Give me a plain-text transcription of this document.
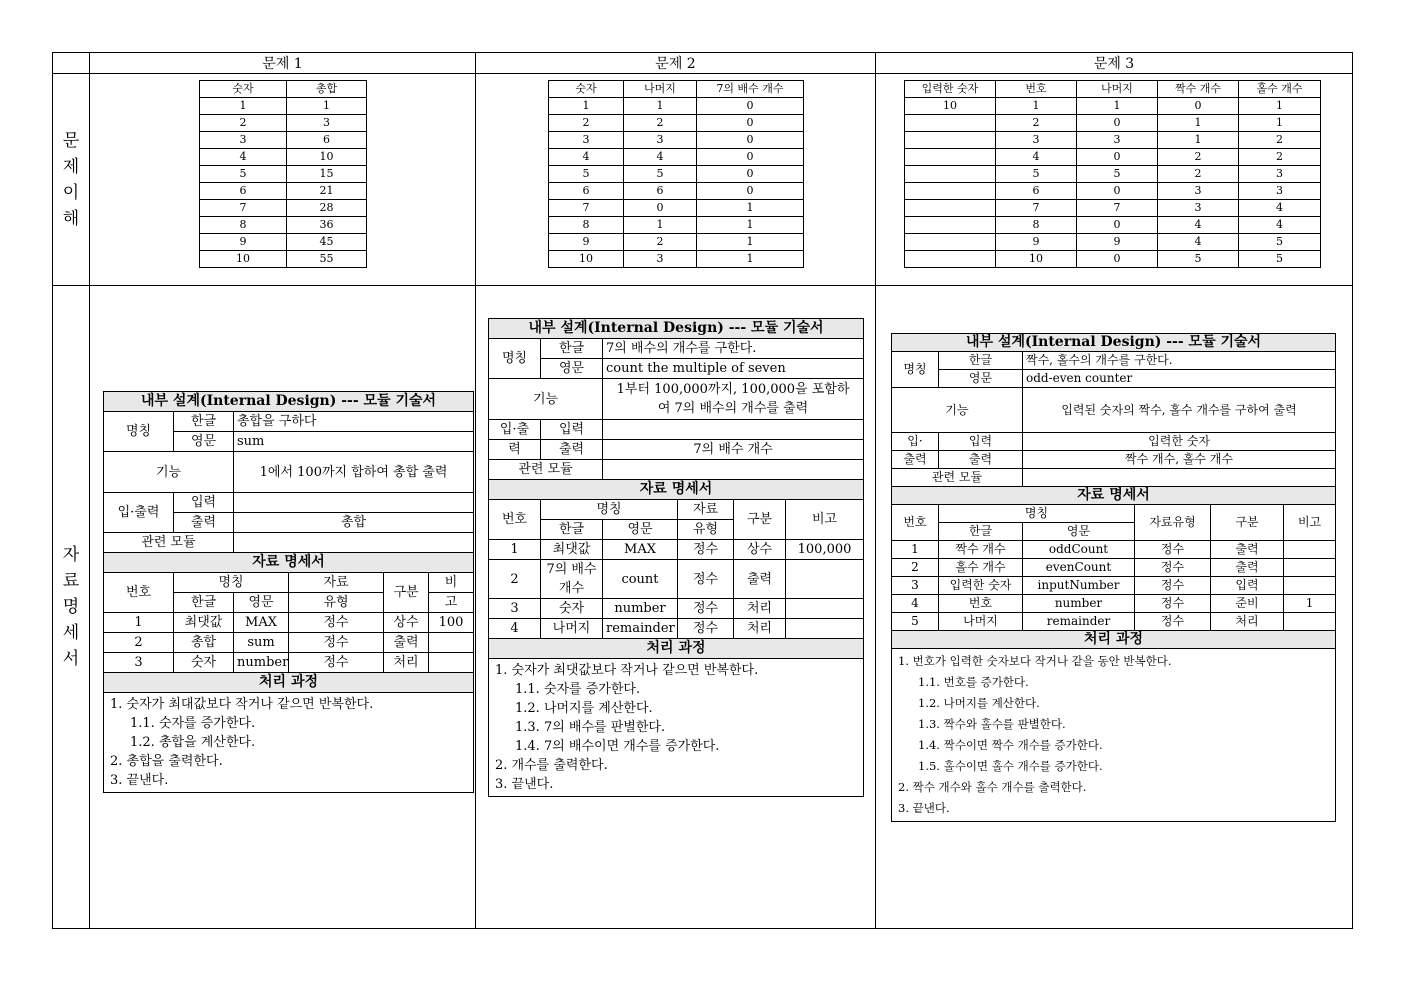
	문제 1	문제 2	문제 3

문
제
이
해

숫자	총합
1	1
2	3
3	6
4	10
5	15
6	21
7	28
8	36
9	45
10	55

숫자	나머지	7의 배수 개수
1	1	0
2	2	0
3	3	0
4	4	0
5	5	0
6	6	0
7	0	1
8	1	1
9	2	1
10	3	1

입력한 숫자	번호	나머지	짝수 개수	홀수 개수
10	1	1	0	1
	2	0	1	1
	3	3	1	2
	4	0	2	2
	5	5	2	3
	6	0	3	3
	7	7	3	4
	8	0	4	4
	9	9	4	5
	10	0	5	5

자
료
명
세
서

내부 설계(Internal Design) --- 모듈 기술서
명칭	한글	총합을 구하다
영문	sum
기능	1에서 100까지 합하여 총합 출력
입·출력	입력	
출력	총합
관련 모듈	
자료 명세서
번호	명칭	자료	구분	비
한글	영문	유형	고
1	최댓값	MAX	정수	상수	100
2	총합	sum	정수	출력	
3	숫자	number	정수	처리	
처리 과정

1. 숫자가 최대값보다 작거나 같으면 반복한다.
1.1. 숫자를 증가한다.
1.2. 총합을 계산한다.
2. 총합을 출력한다.
3. 끝낸다.

내부 설계(Internal Design) --- 모듈 기술서
명칭	한글	7의 배수의 개수를 구한다.
영문	count the multiple of seven
기능	1부터 100,000까지, 100,000을 포함하여 7의 배수의 개수를 출력
입·출	입력	
력	출력	7의 배수 개수
관련 모듈	
자료 명세서
번호	명칭	자료	구분	비고
한글	영문	유형
1	최댓값	MAX	정수	상수	100,000
2	7의 배수 개수	count	정수	출력	
3	숫자	number	정수	처리	
4	나머지	remainder	정수	처리	
처리 과정

1. 숫자가 최댓값보다 작거나 같으면 반복한다.
1.1. 숫자를 증가한다.
1.2. 나머지를 계산한다.
1.3. 7의 배수를 판별한다.
1.4. 7의 배수이면 개수를 증가한다.
2. 개수를 출력한다.
3. 끝낸다.

내부 설계(Internal Design) --- 모듈 기술서
명칭	한글	짝수, 홀수의 개수를 구한다.
영문	odd-even counter
기능	입력된 숫자의 짝수, 홀수 개수를 구하여 출력
입·	입력	입력한 숫자
출력	출력	짝수 개수, 홀수 개수
관련 모듈	
자료 명세서
번호	명칭	자료유형	구분	비고
한글	영문
1	짝수 개수	oddCount	정수	출력	
2	홀수 개수	evenCount	정수	출력	
3	입력한 숫자	inputNumber	정수	입력	
4	번호	number	정수	준비	1
5	나머지	remainder	정수	처리	
처리 과정

1. 번호가 입력한 숫자보다 작거나 같을 동안 반복한다.
1.1. 번호를 증가한다.
1.2. 나머지를 계산한다.
1.3. 짝수와 홀수를 판별한다.
1.4. 짝수이면 짝수 개수를 증가한다.
1.5. 홀수이면 홀수 개수를 증가한다.
2. 짝수 개수와 홀수 개수를 출력한다.
3. 끝낸다.
